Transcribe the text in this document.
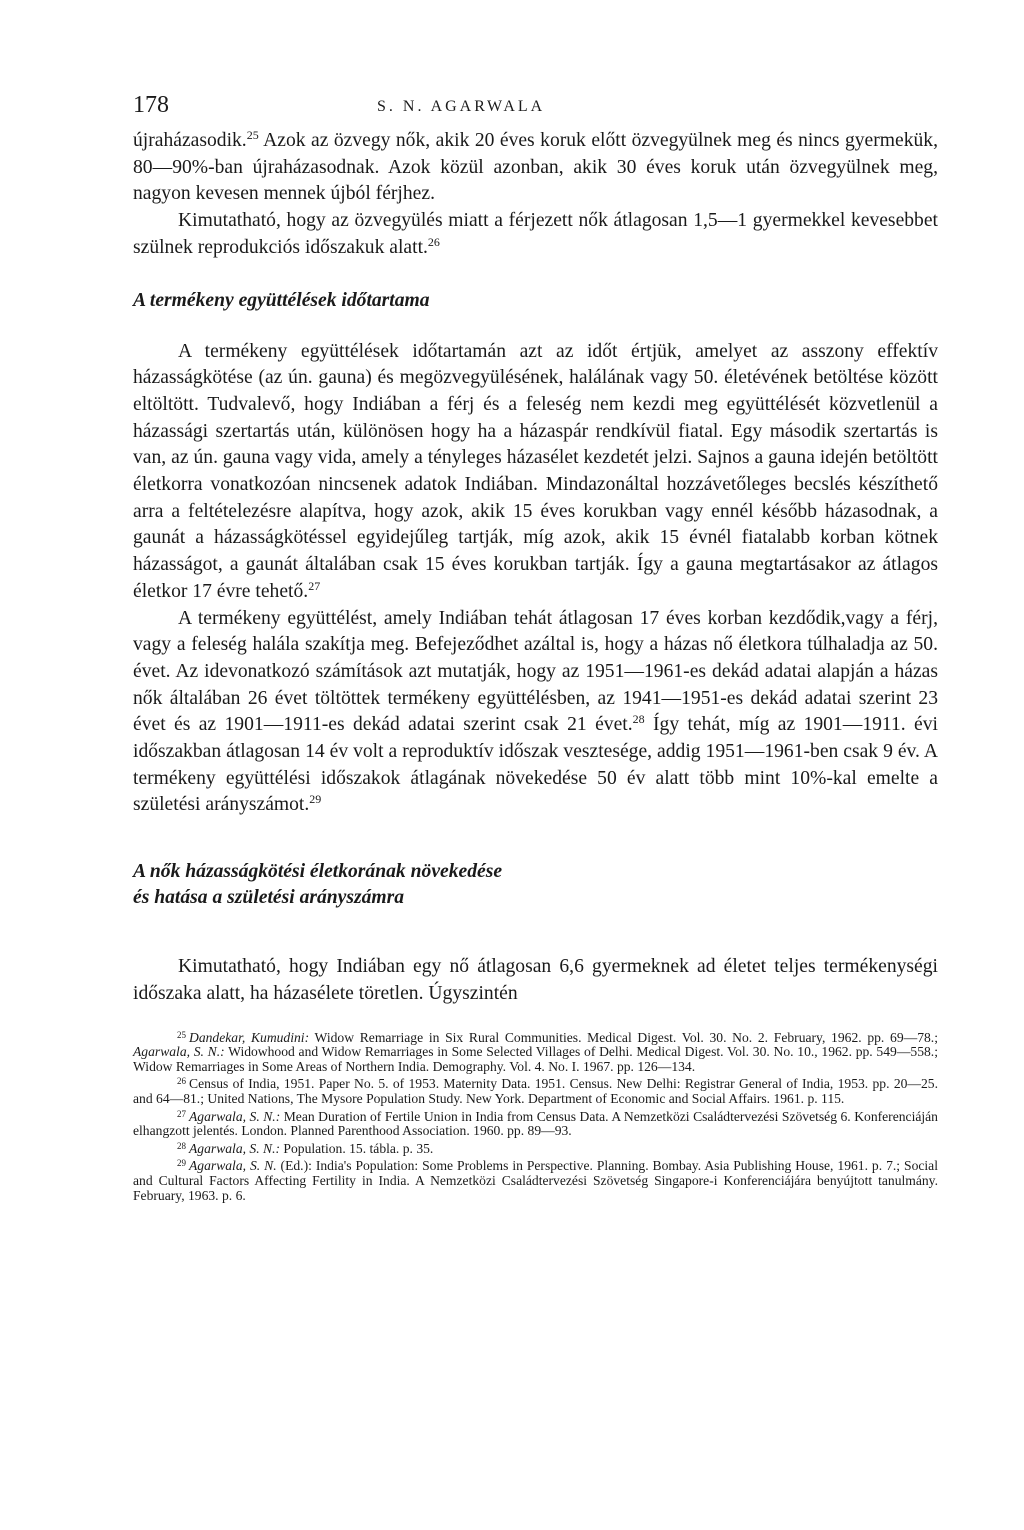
178	S. N. AGARWALA

újraházasodik.$^{25}$ Azok az özvegy nők, akik 20 éves koruk előtt özvegyülnek meg és nincs gyermekük, 80—90%-ban újraházasodnak. Azok közül azonban, akik 30 éves koruk után özvegyülnek meg, nagyon kevesen mennek újból férjhez.

Kimutatható, hogy az özvegyülés miatt a férjezett nők átlagosan 1,5—1 gyermekkel kevesebbet szülnek reprodukciós időszakuk alatt.$^{26}$

A termékeny együttélések időtartama

A termékeny együttélések időtartamán azt az időt értjük, amelyet az asszony effektív házasságkötése (az ún. gauna) és megözvegyülésének, halálának vagy 50. életévének betöltése között eltöltött. Tudvalevő, hogy Indiában a férj és a feleség nem kezdi meg együttélését közvetlenül a házassági szertartás után, különösen hogy ha a házaspár rendkívül fiatal. Egy második szertartás is van, az ún. gauna vagy vida, amely a tényleges házasélet kezdetét jelzi. Sajnos a gauna idején betöltött életkorra vonatkozóan nincsenek adatok Indiában. Mindazonáltal hozzávetőleges becslés készíthető arra a feltételezésre alapítva, hogy azok, akik 15 éves korukban vagy ennél később házasodnak, a gaunát a házasságkötéssel egyidejűleg tartják, míg azok, akik 15 évnél fiatalabb korban kötnek házasságot, a gaunát általában csak 15 éves korukban tartják. Így a gauna megtartásakor az átlagos életkor 17 évre tehető.$^{27}$

A termékeny együttélést, amely Indiában tehát átlagosan 17 éves korban kezdődik,vagy a férj, vagy a feleség halála szakítja meg. Befejeződhet azáltal is, hogy a házas nő életkora túlhaladja az 50. évet. Az idevonatkozó számítások azt mutatják, hogy az 1951—1961-es dekád adatai alapján a házas nők általában 26 évet töltöttek termékeny együttélésben, az 1941—1951-es dekád adatai szerint 23 évet és az 1901—1911-es dekád adatai szerint csak 21 évet.$^{28}$ Így tehát, míg az 1901—1911. évi időszakban átlagosan 14 év volt a reproduktív időszak vesztesége, addig 1951—1961-ben csak 9 év. A termékeny együttélési időszakok átlagának növekedése 50 év alatt több mint 10%-kal emelte a születési arányszámot.$^{29}$

A nők házasságkötési életkorának növekedése
és hatása a születési arányszámra

Kimutatható, hogy Indiában egy nő átlagosan 6,6 gyermeknek ad életet teljes termékenységi időszaka alatt, ha házasélete töretlen. Úgyszintén

$^{25}$ Dandekar, Kumudini: Widow Remarriage in Six Rural Communities. Medical Digest. Vol. 30. No. 2. February, 1962. pp. 69—78.; Agarwala, S. N.: Widowhood and Widow Remarriages in Some Selected Villages of Delhi. Medical Digest. Vol. 30. No. 10., 1962. pp. 549—558.; Widow Remarriages in Some Areas of Northern India. Demography. Vol. 4. No. I. 1967. pp. 126—134.

$^{26}$ Census of India, 1951. Paper No. 5. of 1953. Maternity Data. 1951. Census. New Delhi: Registrar General of India, 1953. pp. 20—25. and 64—81.; United Nations, The Mysore Population Study. New York. Department of Economic and Social Affairs. 1961. p. 115.

$^{27}$ Agarwala, S. N.: Mean Duration of Fertile Union in India from Census Data. A Nemzetközi Családtervezési Szövetség 6. Konferenciáján elhangzott jelentés. London. Planned Parenthood Association. 1960. pp. 89—93.

$^{28}$ Agarwala, S. N.: Population. 15. tábla. p. 35.

$^{29}$ Agarwala, S. N. (Ed.): India's Population: Some Problems in Perspective. Planning. Bombay. Asia Publishing House, 1961. p. 7.; Social and Cultural Factors Affecting Fertility in India. A Nemzetközi Családtervezési Szövetség Singapore-i Konferenciájára benyújtott tanulmány. February, 1963. p. 6.
